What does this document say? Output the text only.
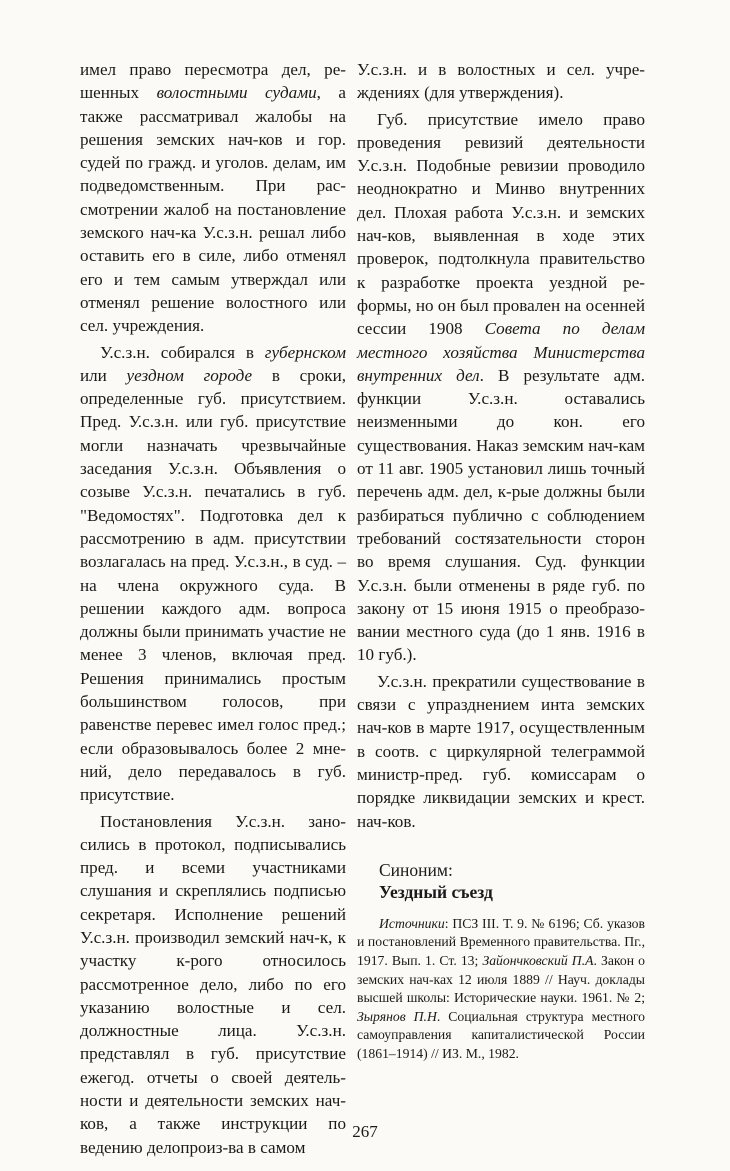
имел право пересмотра дел, решенных волостными судами, а также рассматривал жалобы на решения земских нач-ков и гор. судей по гражд. и уголов. делам, им подведомственным. При рассмотрении жалоб на постановление земского нач-ка У.с.з.н. решал либо оставить его в силе, либо отменял его и тем самым утверждал или отменял решение волостного или сел. учреждения.

У.с.з.н. собирался в губернском или уездном городе в сроки, определенные губ. присутствием. Пред. У.с.з.н. или губ. присутствие могли назначать чрезвычайные заседания У.с.з.н. Объявления о созыве У.с.з.н. печатались в губ. "Ведомостях". Подготовка дел к рассмотрению в адм. присутствии возлагалась на пред. У.с.з.н., в суд. – на члена окружного суда. В решении каждого адм. вопроса должны были принимать участие не менее 3 членов, включая пред. Решения принимались простым большинством голосов, при равенстве перевес имел голос пред.; если образовывалось более 2 мнений, дело передавалось в губ. присутствие.

Постановления У.с.з.н. заносились в протокол, подписывались пред. и всеми участниками слушания и скреплялись подписью секретаря. Исполнение решений У.с.з.н. производил земский нач-к, к участку к-рого относилось рассмотренное дело, либо по его указанию волостные и сел. должностные лица. У.с.з.н. представлял в губ. присутствие ежегод. отчеты о своей деятельности и деятельности земских нач-ков, а также инструкции по ведению делопроиз-ва в самом

У.с.з.н. и в волостных и сел. учреждениях (для утверждения).

Губ. присутствие имело право проведения ревизий деятельности У.с.з.н. Подобные ревизии проводило неоднократно и Минво внутренних дел. Плохая работа У.с.з.н. и земских нач-ков, выявленная в ходе этих проверок, подтолкнула правительство к разработке проекта уездной реформы, но он был провален на осенней сессии 1908 Совета по делам местного хозяйства Министерства внутренних дел. В результате адм. функции У.с.з.н. оставались неизменными до кон. его существования. Наказ земским нач-кам от 11 авг. 1905 установил лишь точный перечень адм. дел, к-рые должны были разбираться публично с соблюдением требований состязательности сторон во время слушания. Суд. функции У.с.з.н. были отменены в ряде губ. по закону от 15 июня 1915 о преобразовании местного суда (до 1 янв. 1916 в 10 губ.).

У.с.з.н. прекратили существование в связи с упразднением инта земских нач-ков в марте 1917, осуществленным в соотв. с циркулярной телеграммой министр-пред. губ. комиссарам о порядке ликвидации земских и крест. нач-ков.

Синоним:
Уездный съезд

Источники: ПСЗ III. Т. 9. № 6196; Сб. указов и постановлений Временного правительства. Пг., 1917. Вып. 1. Ст. 13; Зайончковский П.А. Закон о земских нач-ках 12 июля 1889 // Науч. доклады высшей школы: Исторические науки. 1961. № 2; Зырянов П.Н. Социальная структура местного самоуправления капиталистической России (1861–1914) // ИЗ. М., 1982.

267
